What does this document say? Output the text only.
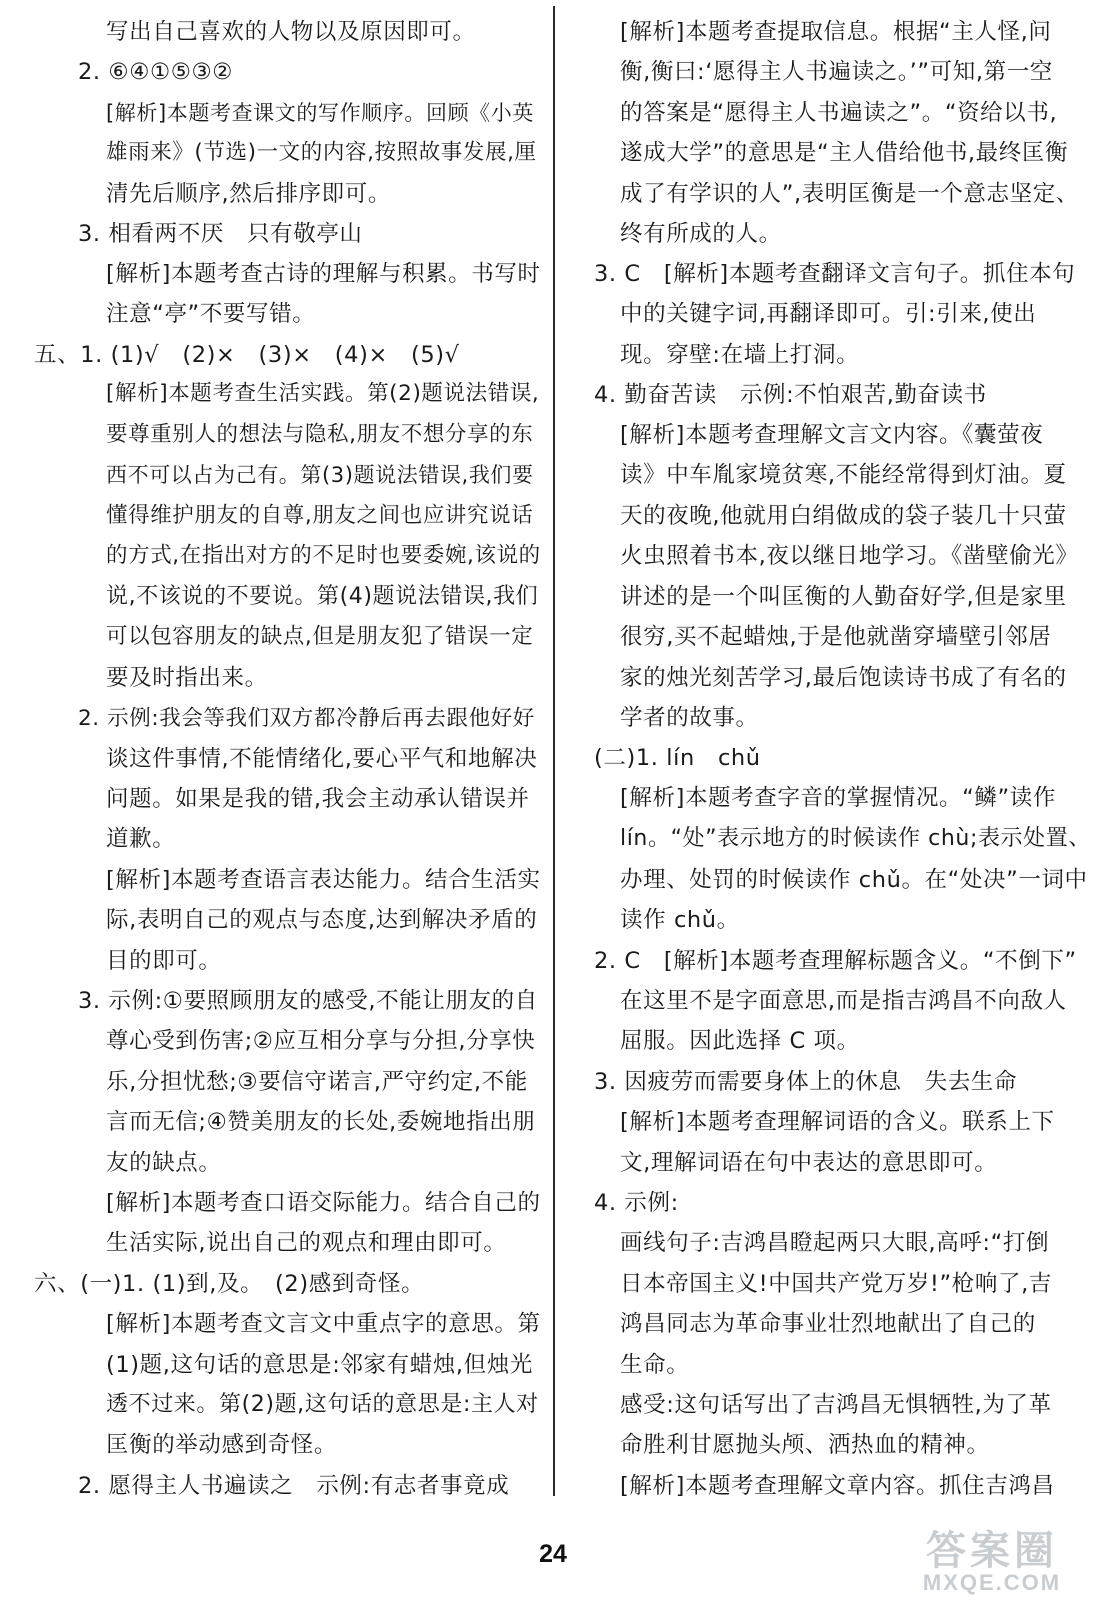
写出自己喜欢的人物以及原因即可。
2. ⑥④①⑤③②
[解析]本题考查课文的写作顺序。回顾《小英
雄雨来》(节选)一文的内容,按照故事发展,厘
清先后顺序,然后排序即可。
3. 相看两不厌　只有敬亭山
[解析]本题考查古诗的理解与积累。书写时
注意“亭”不要写错。
五、1. (1)√　(2)×　(3)×　(4)×　(5)√
[解析]本题考查生活实践。第(2)题说法错误,
要尊重别人的想法与隐私,朋友不想分享的东
西不可以占为己有。第(3)题说法错误,我们要
懂得维护朋友的自尊,朋友之间也应讲究说话
的方式,在指出对方的不足时也要委婉,该说的
说,不该说的不要说。第(4)题说法错误,我们
可以包容朋友的缺点,但是朋友犯了错误一定
要及时指出来。
2. 示例:我会等我们双方都冷静后再去跟他好好
谈这件事情,不能情绪化,要心平气和地解决
问题。如果是我的错,我会主动承认错误并
道歉。
[解析]本题考查语言表达能力。结合生活实
际,表明自己的观点与态度,达到解决矛盾的
目的即可。
3. 示例:①要照顾朋友的感受,不能让朋友的自
尊心受到伤害;②应互相分享与分担,分享快
乐,分担忧愁;③要信守诺言,严守约定,不能
言而无信;④赞美朋友的长处,委婉地指出朋
友的缺点。
[解析]本题考查口语交际能力。结合自己的
生活实际,说出自己的观点和理由即可。
六、(一)1. (1)到,及。　(2)感到奇怪。
[解析]本题考查文言文中重点字的意思。第
(1)题,这句话的意思是:邻家有蜡烛,但烛光
透不过来。第(2)题,这句话的意思是:主人对
匡衡的举动感到奇怪。
2. 愿得主人书遍读之　示例:有志者事竟成
[解析]本题考查提取信息。根据“主人怪,问
衡,衡曰:‘愿得主人书遍读之。’”可知,第一空
的答案是“愿得主人书遍读之”。“资给以书,
遂成大学”的意思是“主人借给他书,最终匡衡
成了有学识的人”,表明匡衡是一个意志坚定、
终有所成的人。
3. C　[解析]本题考查翻译文言句子。抓住本句
中的关键字词,再翻译即可。引:引来,使出
现。穿壁:在墙上打洞。
4. 勤奋苦读　示例:不怕艰苦,勤奋读书
[解析]本题考查理解文言文内容。《囊萤夜
读》中车胤家境贫寒,不能经常得到灯油。夏
天的夜晚,他就用白绢做成的袋子装几十只萤
火虫照着书本,夜以继日地学习。《凿壁偷光》
讲述的是一个叫匡衡的人勤奋好学,但是家里
很穷,买不起蜡烛,于是他就凿穿墙壁引邻居
家的烛光刻苦学习,最后饱读诗书成了有名的
学者的故事。
(二)1. lín　chǔ
[解析]本题考查字音的掌握情况。“鳞”读作
lín。“处”表示地方的时候读作 chù;表示处置、
办理、处罚的时候读作 chǔ。在“处决”一词中
读作 chǔ。
2. C　[解析]本题考查理解标题含义。“不倒下”
在这里不是字面意思,而是指吉鸿昌不向敌人
屈服。因此选择 C 项。
3. 因疲劳而需要身体上的休息　失去生命
[解析]本题考查理解词语的含义。联系上下
文,理解词语在句中表达的意思即可。
4. 示例:
画线句子:吉鸿昌瞪起两只大眼,高呼:“打倒
日本帝国主义!中国共产党万岁!”枪响了,吉
鸿昌同志为革命事业壮烈地献出了自己的
生命。
感受:这句话写出了吉鸿昌无惧牺牲,为了革
命胜利甘愿抛头颅、洒热血的精神。
[解析]本题考查理解文章内容。抓住吉鸿昌
24	答案圈
MXQE.COM
